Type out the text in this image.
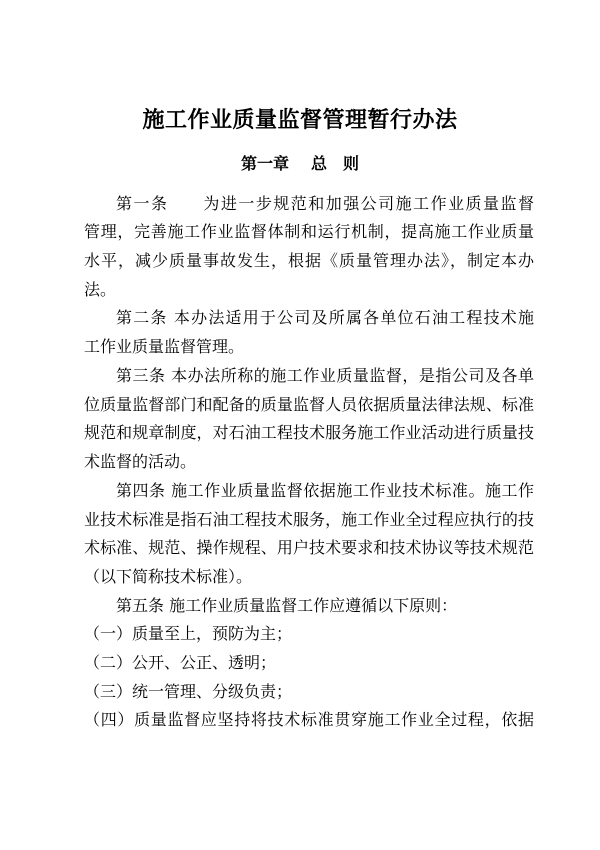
施工作业质量监督管理暂行办法
第一章 总　则
第一条　　为进一步规范和加强公司施工作业质量监督
管理，完善施工作业监督体制和运行机制，提高施工作业质量
水平，减少质量事故发生，根据《质量管理办法》，制定本办
法。
第二条 本办法适用于公司及所属各单位石油工程技术施
工作业质量监督管理。
第三条 本办法所称的施工作业质量监督，是指公司及各单
位质量监督部门和配备的质量监督人员依据质量法律法规、标准
规范和规章制度，对石油工程技术服务施工作业活动进行质量技
术监督的活动。
第四条 施工作业质量监督依据施工作业技术标准。施工作
业技术标准是指石油工程技术服务，施工作业全过程应执行的技
术标准、规范、操作规程、用户技术要求和技术协议等技术规范
（以下简称技术标准）。
第五条 施工作业质量监督工作应遵循以下原则：
（一）质量至上，预防为主；
（二）公开、公正、透明；
（三）统一管理、分级负责；
（四）质量监督应坚持将技术标准贯穿施工作业全过程，依据
